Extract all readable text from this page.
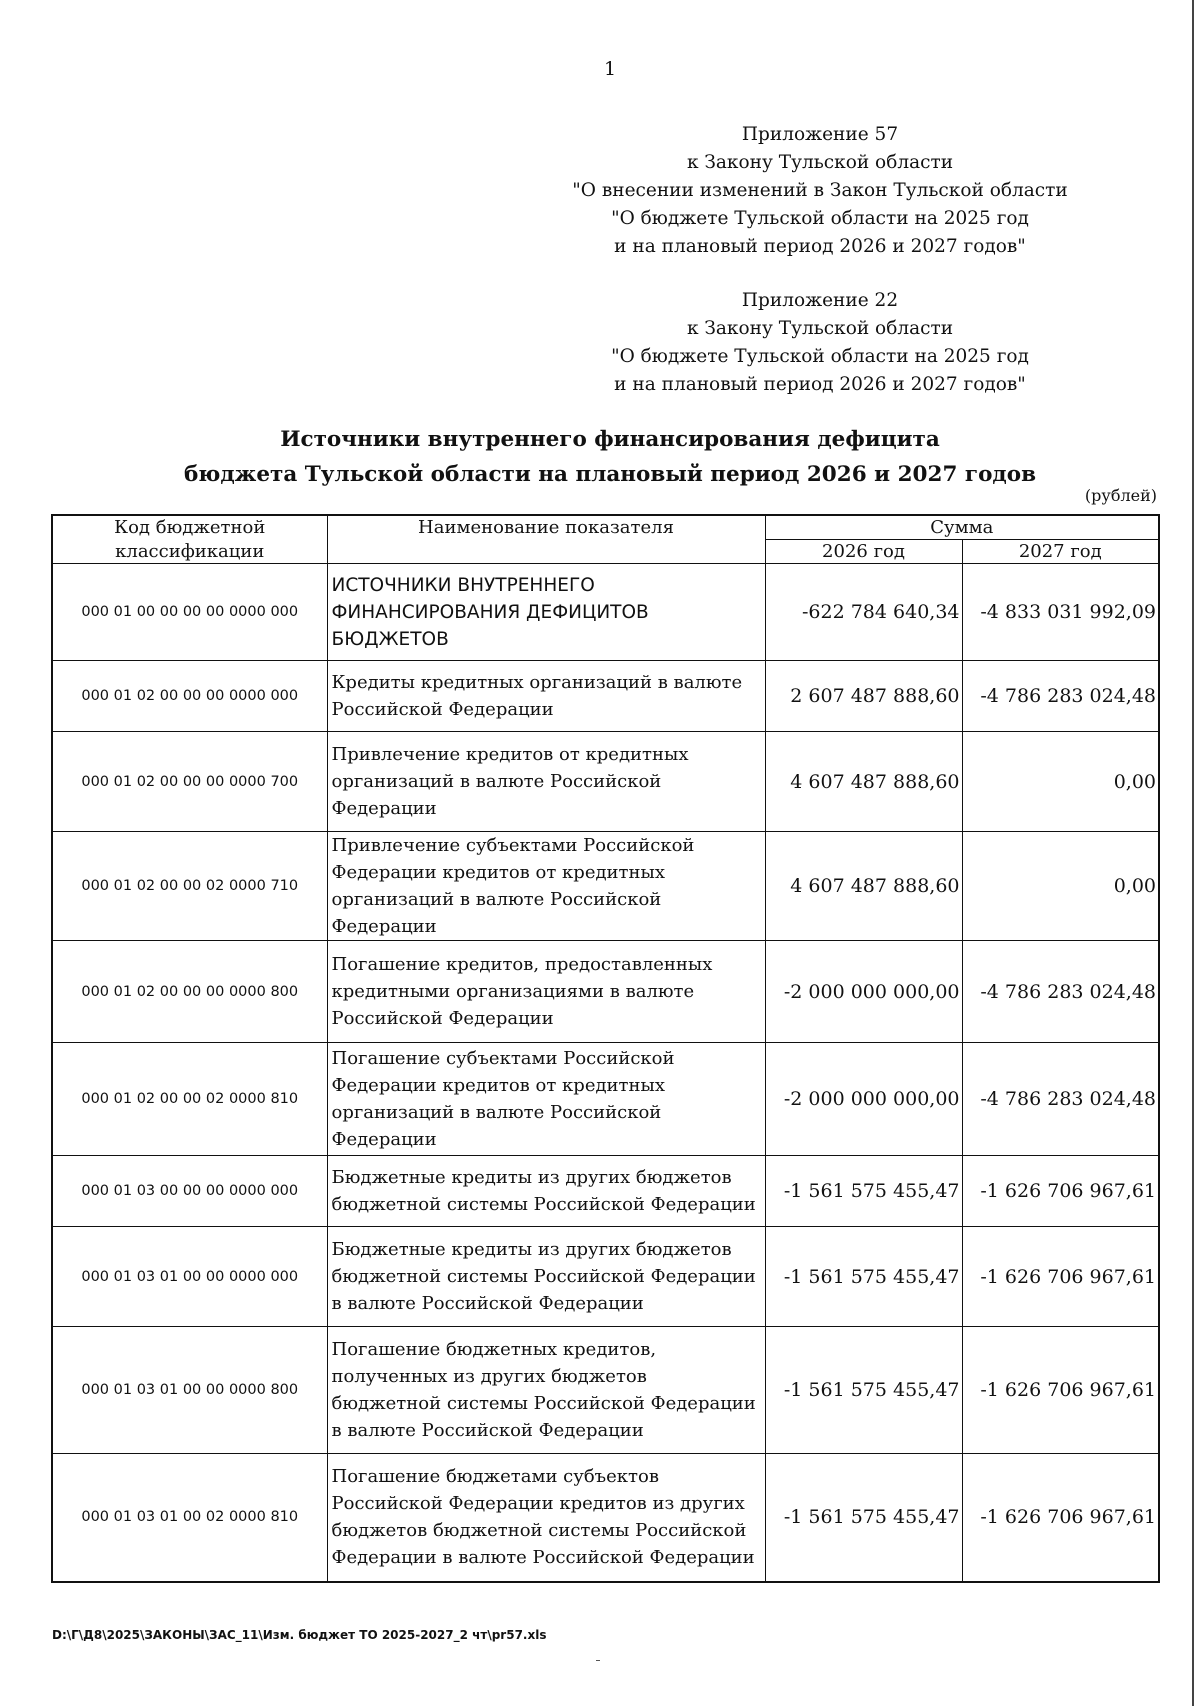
1
Приложение 57
к Закону Тульской области
"О внесении изменений в Закон Тульской области
"О бюджете Тульской области на 2025 год
и на плановый период 2026 и 2027 годов"
Приложение 22
к Закону Тульской области
"О бюджете Тульской области на 2025 год
и на плановый период 2026 и 2027 годов"
Источники внутреннего финансирования дефицита
бюджета Тульской области на плановый период 2026 и 2027 годов
(рублей)
Код бюджетной	Наименование показателя	Сумма	
классификации		2026 год	2027 год
000 01 00 00 00 00 0000 000	ИСТОЧНИКИ ВНУТРЕННЕГО ФИНАНСИРОВАНИЯ ДЕФИЦИТОВ БЮДЖЕТОВ	-622 784 640,34	-4 833 031 992,09
000 01 02 00 00 00 0000 000	Кредиты кредитных организаций в валюте Российской Федерации	2 607 487 888,60	-4 786 283 024,48
000 01 02 00 00 00 0000 700	Привлечение кредитов от кредитных организаций в валюте Российской Федерации	4 607 487 888,60	0,00
000 01 02 00 00 02 0000 710	Привлечение субъектами Российской Федерации кредитов от кредитных организаций в валюте Российской Федерации	4 607 487 888,60	0,00
000 01 02 00 00 00 0000 800	Погашение кредитов, предоставленных кредитными организациями в валюте Российской Федерации	-2 000 000 000,00	-4 786 283 024,48
000 01 02 00 00 02 0000 810	Погашение субъектами Российской Федерации кредитов от кредитных организаций в валюте Российской Федерации	-2 000 000 000,00	-4 786 283 024,48
000 01 03 00 00 00 0000 000	Бюджетные кредиты из других бюджетов бюджетной системы Российской Федерации	-1 561 575 455,47	-1 626 706 967,61
000 01 03 01 00 00 0000 000	Бюджетные кредиты из других бюджетов бюджетной системы Российской Федерации в валюте Российской Федерации	-1 561 575 455,47	-1 626 706 967,61
000 01 03 01 00 00 0000 800	Погашение бюджетных кредитов, полученных из других бюджетов бюджетной системы Российской Федерации в валюте Российской Федерации	-1 561 575 455,47	-1 626 706 967,61
000 01 03 01 00 02 0000 810	Погашение бюджетами субъектов Российской Федерации кредитов из других бюджетов бюджетной системы Российской Федерации в валюте Российской Федерации	-1 561 575 455,47	-1 626 706 967,61
D:\Г\Д8\2025\ЗАКОНЫ\ЗАС_11\Изм. бюджет ТО 2025-2027_2 чт\pr57.xls
